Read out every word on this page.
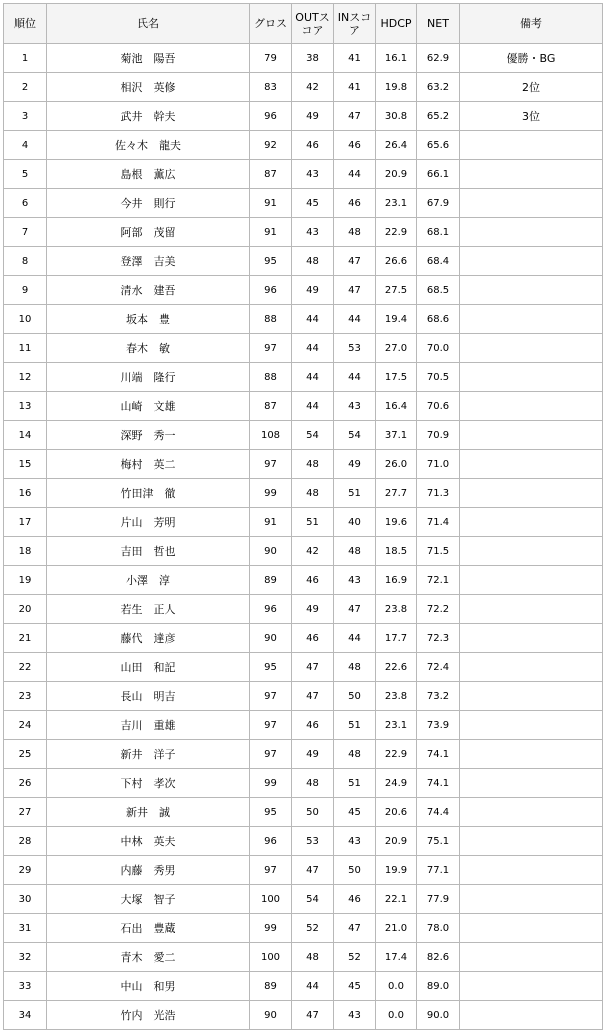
順位	氏名	グロス	OUTスコア	INスコア	HDCP	NET	備考
1	菊池　陽吾	79	38	41	16.1	62.9	優勝・BG
2	相沢　英修	83	42	41	19.8	63.2	2位
3	武井　幹夫	96	49	47	30.8	65.2	3位
4	佐々木　龍夫	92	46	46	26.4	65.6	
5	島根　薫広	87	43	44	20.9	66.1	
6	今井　則行	91	45	46	23.1	67.9	
7	阿部　茂留	91	43	48	22.9	68.1	
8	登澤　吉美	95	48	47	26.6	68.4	
9	清水　建吾	96	49	47	27.5	68.5	
10	坂本　豊	88	44	44	19.4	68.6	
11	春木　敏	97	44	53	27.0	70.0	
12	川端　隆行	88	44	44	17.5	70.5	
13	山崎　文雄	87	44	43	16.4	70.6	
14	深野　秀一	108	54	54	37.1	70.9	
15	梅村　英二	97	48	49	26.0	71.0	
16	竹田津　徹	99	48	51	27.7	71.3	
17	片山　芳明	91	51	40	19.6	71.4	
18	吉田　哲也	90	42	48	18.5	71.5	
19	小澤　淳	89	46	43	16.9	72.1	
20	若生　正人	96	49	47	23.8	72.2	
21	藤代　達彦	90	46	44	17.7	72.3	
22	山田　和記	95	47	48	22.6	72.4	
23	長山　明吉	97	47	50	23.8	73.2	
24	吉川　重雄	97	46	51	23.1	73.9	
25	新井　洋子	97	49	48	22.9	74.1	
26	下村　孝次	99	48	51	24.9	74.1	
27	新井　誠	95	50	45	20.6	74.4	
28	中林　英夫	96	53	43	20.9	75.1	
29	内藤　秀男	97	47	50	19.9	77.1	
30	大塚　智子	100	54	46	22.1	77.9	
31	石出　豊蔵	99	52	47	21.0	78.0	
32	青木　愛二	100	48	52	17.4	82.6	
33	中山　和男	89	44	45	0.0	89.0	
34	竹内　光浩	90	47	43	0.0	90.0	
